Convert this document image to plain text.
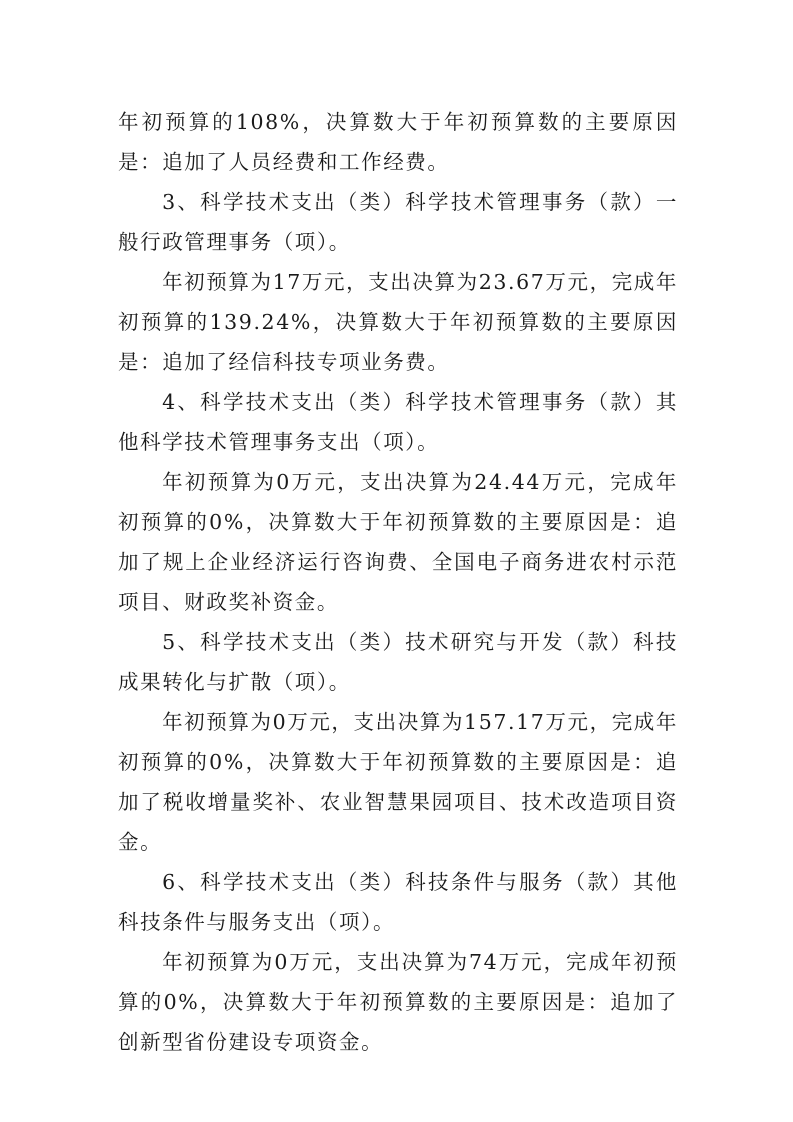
年初预算的108%，决算数大于年初预算数的主要原因是：追加了人员经费和工作经费。

3、科学技术支出（类）科学技术管理事务（款）一般行政管理事务（项）。

年初预算为17万元，支出决算为23.67万元，完成年初预算的139.24%，决算数大于年初预算数的主要原因是：追加了经信科技专项业务费。

4、科学技术支出（类）科学技术管理事务（款）其他科学技术管理事务支出（项）。

年初预算为0万元，支出决算为24.44万元，完成年初预算的0%，决算数大于年初预算数的主要原因是：追加了规上企业经济运行咨询费、全国电子商务进农村示范项目、财政奖补资金。

5、科学技术支出（类）技术研究与开发（款）科技成果转化与扩散（项）。

年初预算为0万元，支出决算为157.17万元，完成年初预算的0%，决算数大于年初预算数的主要原因是：追加了税收增量奖补、农业智慧果园项目、技术改造项目资金。

6、科学技术支出（类）科技条件与服务（款）其他科技条件与服务支出（项）。

年初预算为0万元，支出决算为74万元，完成年初预算的0%，决算数大于年初预算数的主要原因是：追加了创新型省份建设专项资金。
